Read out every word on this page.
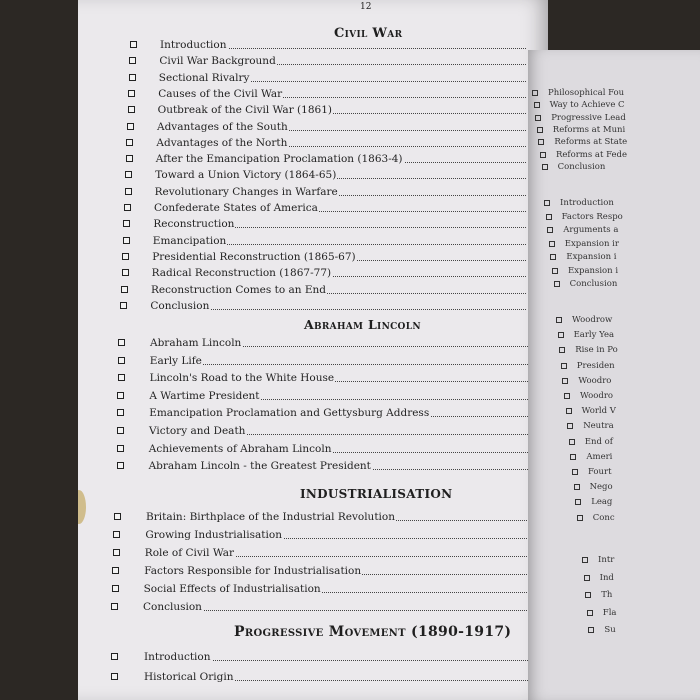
12
Civil War
Introduction
Civil War Background
Sectional Rivalry
Causes of the Civil War
Outbreak of the Civil War (1861)
Advantages of the South
Advantages of the North
After the Emancipation Proclamation (1863-4)
Toward a Union Victory (1864-65)
Revolutionary Changes in Warfare
Confederate States of America
Reconstruction
Emancipation
Presidential Reconstruction (1865-67)
Radical Reconstruction (1867-77)
Reconstruction Comes to an End
Conclusion
Abraham Lincoln
Abraham Lincoln
Early Life
Lincoln's Road to the White House
A Wartime President
Emancipation Proclamation and Gettysburg Address
Victory and Death
Achievements of Abraham Lincoln
Abraham Lincoln - the Greatest President
INDUSTRIALISATION
Britain: Birthplace of the Industrial Revolution
Growing Industrialisation
Role of Civil War
Factors Responsible for Industrialisation
Social Effects of Industrialisation
Conclusion
Progressive Movement (1890-1917)
Introduction
Historical Origin
Philosophical Fou
Way to Achieve C
Progressive Lead
Reforms at Muni
Reforms at State
Reforms at Fede
Conclusion
Introduction
Factors Respo
Arguments a
Expansion ir
Expansion i
Expansion i
Conclusion
Woodrow
Early Yea
Rise in Po
Presiden
Woodro
Woodro
World V
Neutra
End of
Ameri
Fourt
Nego
Leag
Conc
Intr
Ind
Th
Fla
Su
